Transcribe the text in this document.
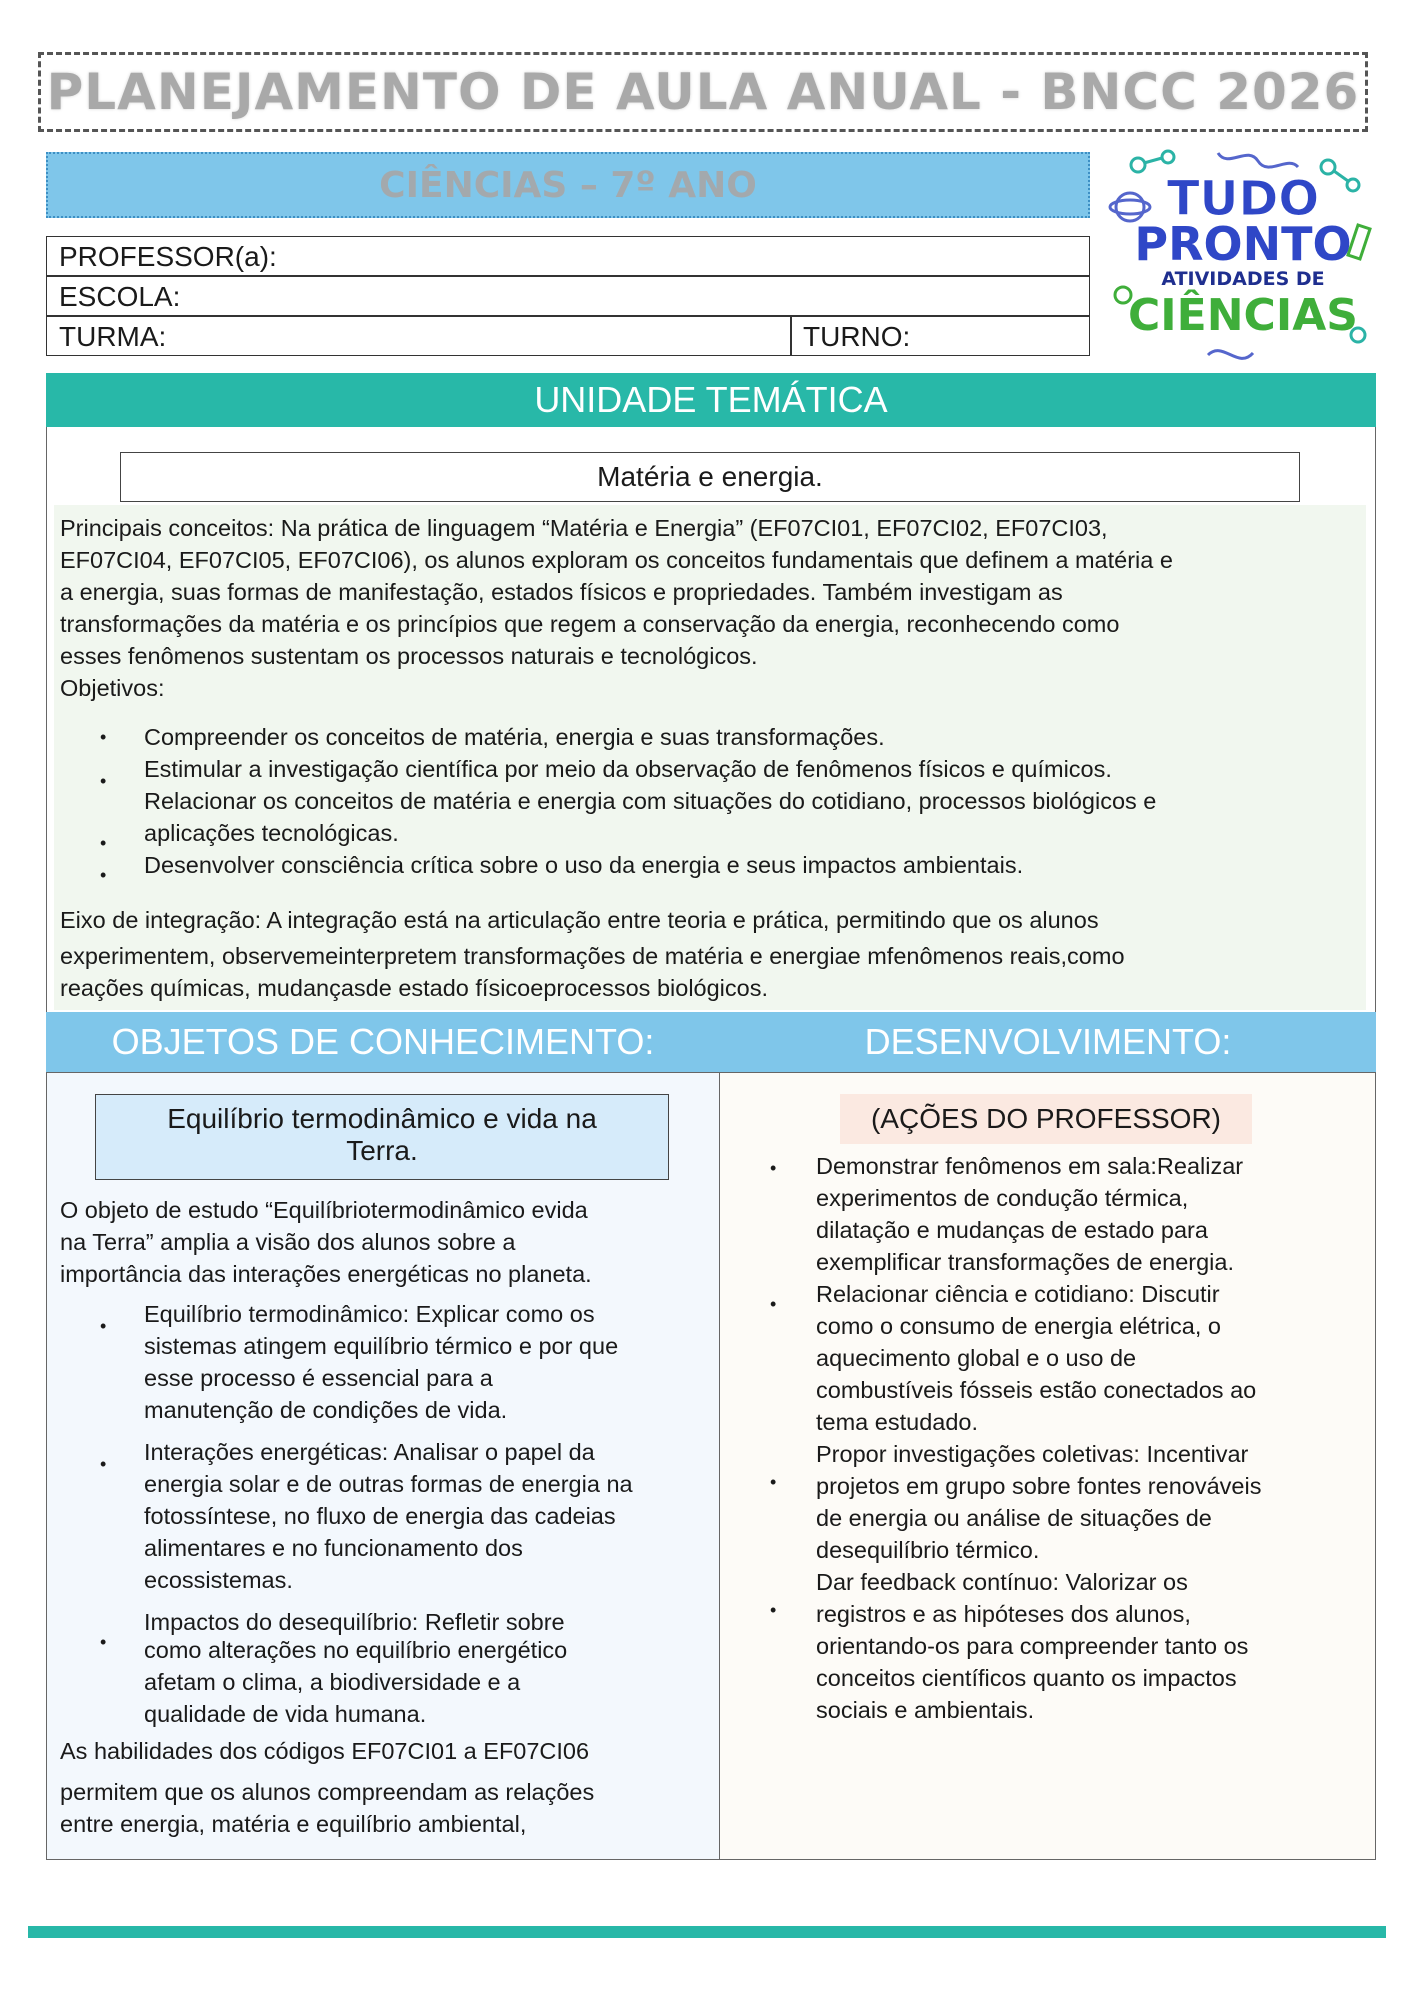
PLANEJAMENTO DE AULA ANUAL - BNCC 2026
CIÊNCIAS – 7º ANO
PROFESSOR(a):
ESCOLA:
TURMA:	TURNO:
TUDO
PRONTO
ATIVIDADES DE
CIÊNCIAS
UNIDADE TEMÁTICA
Matéria e energia.

Principais conceitos: Na prática de linguagem “Matéria e Energia” (EF07CI01, EF07CI02, EF07CI03,

EF07CI04, EF07CI05, EF07CI06), os alunos exploram os conceitos fundamentais que definem a matéria e

a energia, suas formas de manifestação, estados físicos e propriedades. Também investigam as

transformações da matéria e os princípios que regem a conservação da energia, reconhecendo como

esses fenômenos sustentam os processos naturais e tecnológicos.

Objetivos:

• Compreender os conceitos de matéria, energia e suas transformações.
• Estimular a investigação científica por meio da observação de fenômenos físicos e químicos.
Relacionar os conceitos de matéria e energia com situações do cotidiano, processos biológicos e
• aplicações tecnológicas.
• Desenvolver consciência crítica sobre o uso da energia e seus impactos ambientais.

Eixo de integração: A integração está na articulação entre teoria e prática, permitindo que os alunos

experimentem, observemeinterpretem transformações de matéria e energiae mfenômenos reais,como

reações químicas, mudançasde estado físicoeprocessos biológicos.

OBJETOS DE CONHECIMENTO:	DESENVOLVIMENTO:
Equilíbrio termodinâmico e vida na
Terra.
(AÇÕES DO PROFESSOR)

O objeto de estudo “Equilíbriotermodinâmico evida

na Terra” amplia a visão dos alunos sobre a

importância das interações energéticas no planeta.

• Equilíbrio termodinâmico: Explicar como os
sistemas atingem equilíbrio térmico e por que
esse processo é essencial para a
manutenção de condições de vida.
• Interações energéticas: Analisar o papel da
energia solar e de outras formas de energia na
fotossíntese, no fluxo de energia das cadeias
alimentares e no funcionamento dos
ecossistemas.
•
Impactos do desequilíbrio: Refletir sobre
como alterações no equilíbrio energético
afetam o clima, a biodiversidade e a
qualidade de vida humana.

As habilidades dos códigos EF07CI01 a EF07CI06

permitem que os alunos compreendam as relações

entre energia, matéria e equilíbrio ambiental,

• Demonstrar fenômenos em sala:Realizar
experimentos de condução térmica,
dilatação e mudanças de estado para
exemplificar transformações de energia.
• Relacionar ciência e cotidiano: Discutir
como o consumo de energia elétrica, o
aquecimento global e o uso de
combustíveis fósseis estão conectados ao
tema estudado.
•
Propor investigações coletivas: Incentivar
projetos em grupo sobre fontes renováveis
de energia ou análise de situações de
desequilíbrio térmico.
•
Dar feedback contínuo: Valorizar os
registros e as hipóteses dos alunos,
orientando-os para compreender tanto os
conceitos científicos quanto os impactos
sociais e ambientais.
